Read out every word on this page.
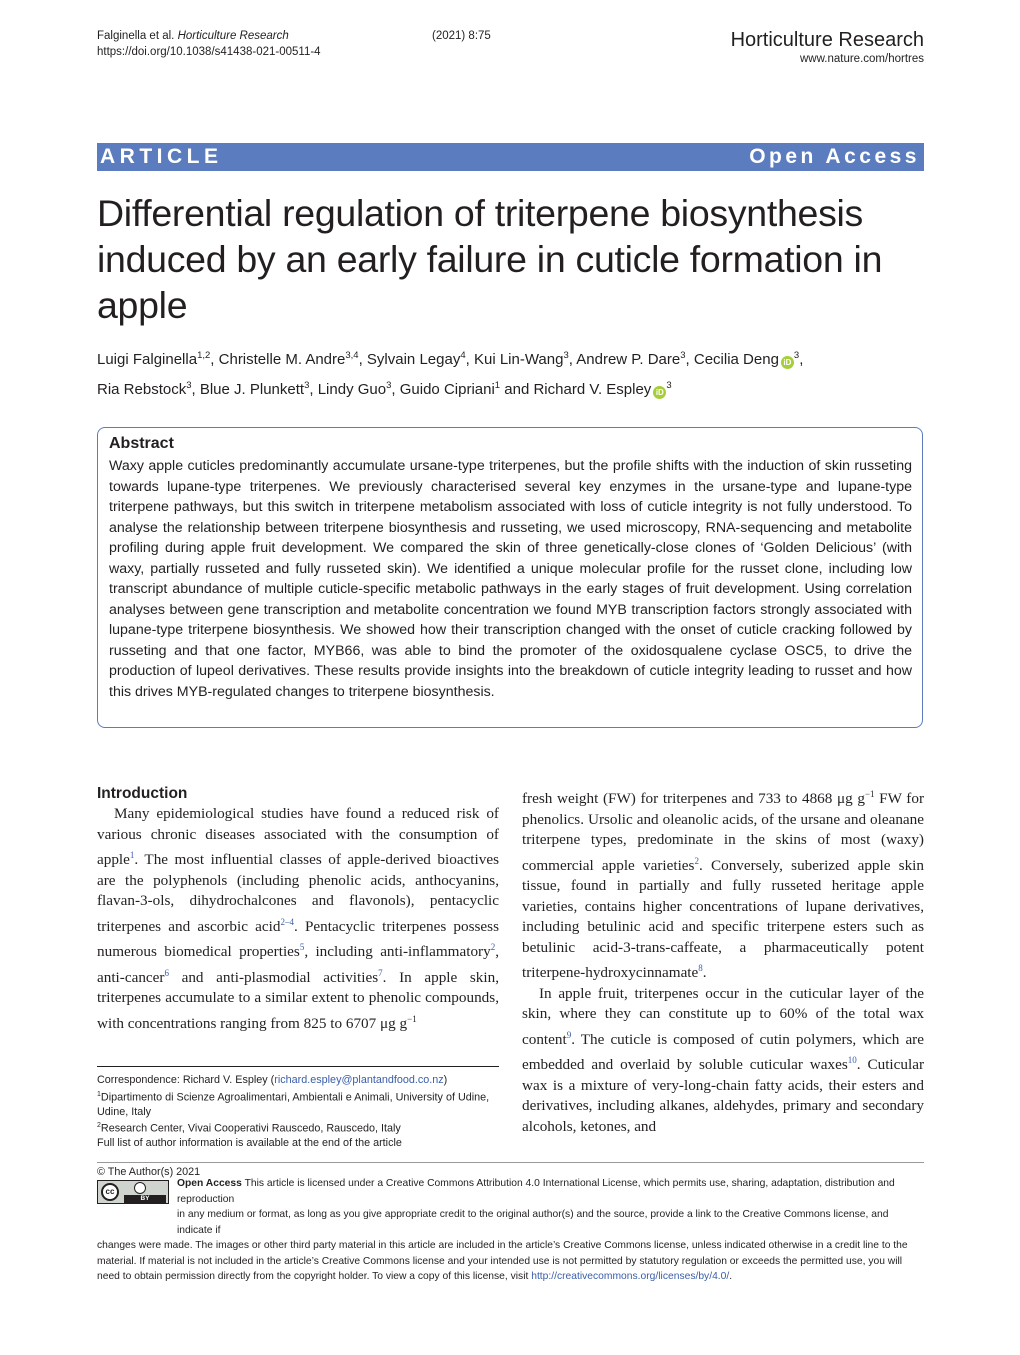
Falginella et al. Horticulture Research
https://doi.org/10.1038/s41438-021-00511-4
(2021) 8:75	Horticulture Research
www.nature.com/hortres
ARTICLE	Open Access
Differential regulation of triterpene biosynthesis induced by an early failure in cuticle formation in apple
Luigi Falginella$^{1,2}$, Christelle M. Andre$^{3,4}$, Sylvain Legay$^4$, Kui Lin-Wang$^3$, Andrew P. Dare$^3$, Cecilia Deng $iD^3$,
Ria Rebstock$^3$, Blue J. Plunkett$^3$, Lindy Guo$^3$, Guido Cipriani$^1$ and Richard V. Espley $iD^3$
Abstract

Waxy apple cuticles predominantly accumulate ursane-type triterpenes, but the profile shifts with the induction of skin russeting towards lupane-type triterpenes. We previously characterised several key enzymes in the ursane-type and lupane-type triterpene pathways, but this switch in triterpene metabolism associated with loss of cuticle integrity is not fully understood. To analyse the relationship between triterpene biosynthesis and russeting, we used microscopy, RNA-sequencing and metabolite profiling during apple fruit development. We compared the skin of three genetically-close clones of ‘Golden Delicious’ (with waxy, partially russeted and fully russeted skin). We identified a unique molecular profile for the russet clone, including low transcript abundance of multiple cuticle-specific metabolic pathways in the early stages of fruit development. Using correlation analyses between gene transcription and metabolite concentration we found MYB transcription factors strongly associated with lupane-type triterpene biosynthesis. We showed how their transcription changed with the onset of cuticle cracking followed by russeting and that one factor, MYB66, was able to bind the promoter of the oxidosqualene cyclase OSC5, to drive the production of lupeol derivatives. These results provide insights into the breakdown of cuticle integrity leading to russet and how this drives MYB-regulated changes to triterpene biosynthesis.

Introduction

Many epidemiological studies have found a reduced risk of various chronic diseases associated with the consumption of apple$^1$. The most influential classes of apple-derived bioactives are the polyphenols (including phenolic acids, anthocyanins, flavan-3-ols, dihydrochalcones and flavonols), pentacyclic triterpenes and ascorbic acid$^{2-4}$. Pentacyclic triterpenes possess numerous biomedical properties$^5$, including anti-inflammatory$^2$, anti-cancer$^6$ and anti-plasmodial activities$^7$. In apple skin, triterpenes accumulate to a similar extent to phenolic compounds, with concentrations ranging from 825 to 6707 μg $g^{-1}$

fresh weight (FW) for triterpenes and 733 to 4868 μg $g^{-1}$ FW for phenolics. Ursolic and oleanolic acids, of the ursane and oleanane triterpene types, predominate in the skins of most (waxy) commercial apple varieties$^2$. Conversely, suberized apple skin tissue, found in partially and fully russeted heritage apple varieties, contains higher concentrations of lupane derivatives, including betulinic acid and specific triterpene esters such as betulinic acid-3-trans-caffeate, a pharmaceutically potent triterpene-hydroxycinnamate$^8$.

In apple fruit, triterpenes occur in the cuticular layer of the skin, where they can constitute up to 60% of the total wax content$^9$. The cuticle is composed of cutin polymers, which are embedded and overlaid by soluble cuticular waxes$^{10}$. Cuticular wax is a mixture of very-long-chain fatty acids, their esters and derivatives, including alkanes, aldehydes, primary and secondary alcohols, ketones, and

Correspondence: Richard V. Espley (richard.espley@plantandfood.co.nz)
$^1$Dipartimento di Scienze Agroalimentari, Ambientali e Animali, University of Udine, Udine, Italy
$^2$Research Center, Vivai Cooperativi Rauscedo, Rauscedo, Italy
Full list of author information is available at the end of the article
© The Author(s) 2021
Open Access This article is licensed under a Creative Commons Attribution 4.0 International License, which permits use, sharing, adaptation, distribution and reproduction
in any medium or format, as long as you give appropriate credit to the original author(s) and the source, provide a link to the Creative Commons license, and indicate if
changes were made. The images or other third party material in this article are included in the article’s Creative Commons license, unless indicated otherwise in a credit line to the material. If material is not included in the article’s Creative Commons license and your intended use is not permitted by statutory regulation or exceeds the permitted use, you will need to obtain permission directly from the copyright holder. To view a copy of this license, visit http://creativecommons.org/licenses/by/4.0/.
cc
BY
